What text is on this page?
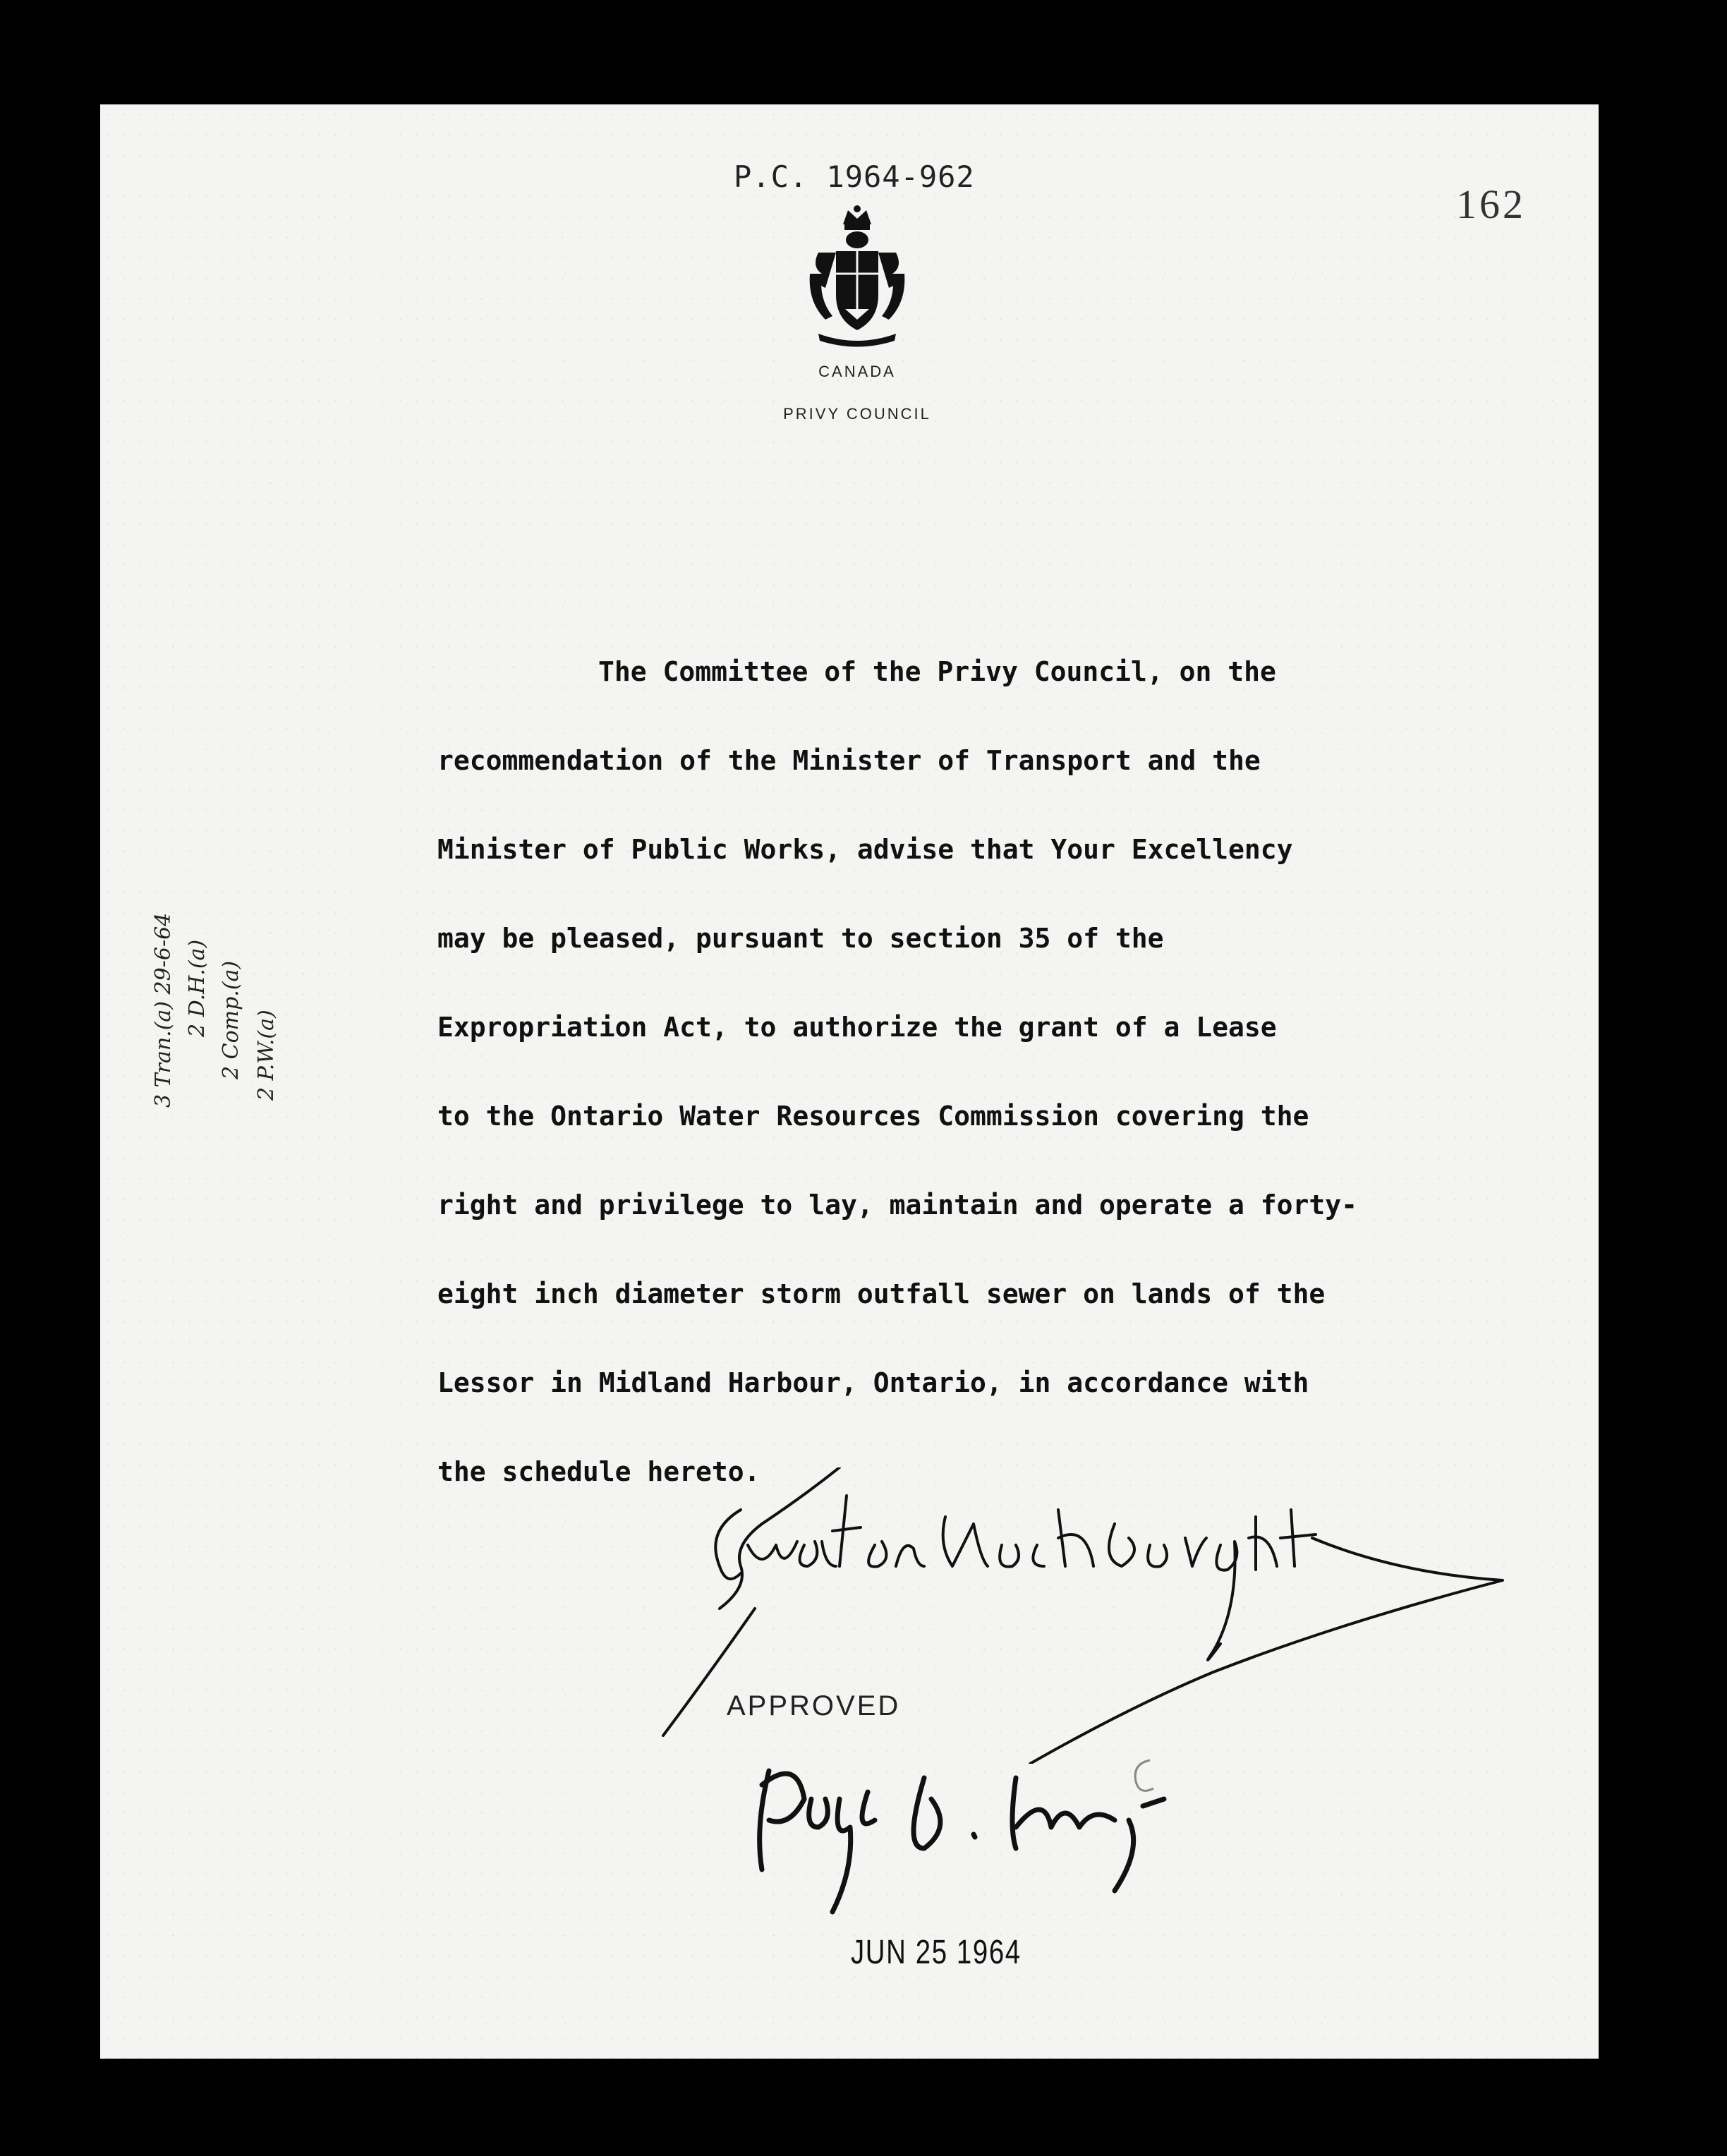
P.C. 1964-962
162
CANADA
PRIVY COUNCIL
The Committee of the Privy Council, on the
recommendation of the Minister of Transport and the
Minister of Public Works, advise that Your Excellency
may be pleased, pursuant to section 35 of the
Expropriation Act, to authorize the grant of a Lease
to the Ontario Water Resources Commission covering the
right and privilege to lay, maintain and operate a forty-
eight inch diameter storm outfall sewer on lands of the
Lessor in Midland Harbour, Ontario, in accordance with
the schedule hereto.
3 Tran.(a) 29-6-64 2 D.H.(a) 2 Comp.(a) 2 P.W.(a)
APPROVED
JUN 25 1964
